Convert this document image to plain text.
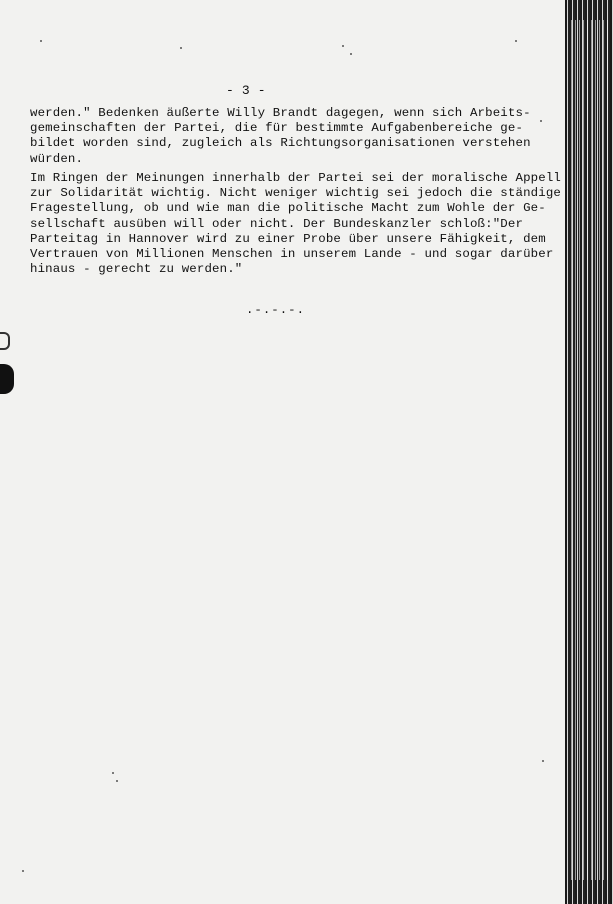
- 3 -
werden." Bedenken äußerte Willy Brandt dagegen, wenn sich Arbeits-
gemeinschaften der Partei, die für bestimmte Aufgabenbereiche ge-
bildet worden sind, zugleich als Richtungsorganisationen verstehen
würden.
Im Ringen der Meinungen innerhalb der Partei sei der moralische Appell
zur Solidarität wichtig. Nicht weniger wichtig sei jedoch die ständige
Fragestellung, ob und wie man die politische Macht zum Wohle der Ge-
sellschaft ausüben will oder nicht. Der Bundeskanzler schloß:"Der
Parteitag in Hannover wird zu einer Probe über unsere Fähigkeit, dem
Vertrauen von Millionen Menschen in unserem Lande - und sogar darüber
hinaus - gerecht zu werden."
.-.-.-.
